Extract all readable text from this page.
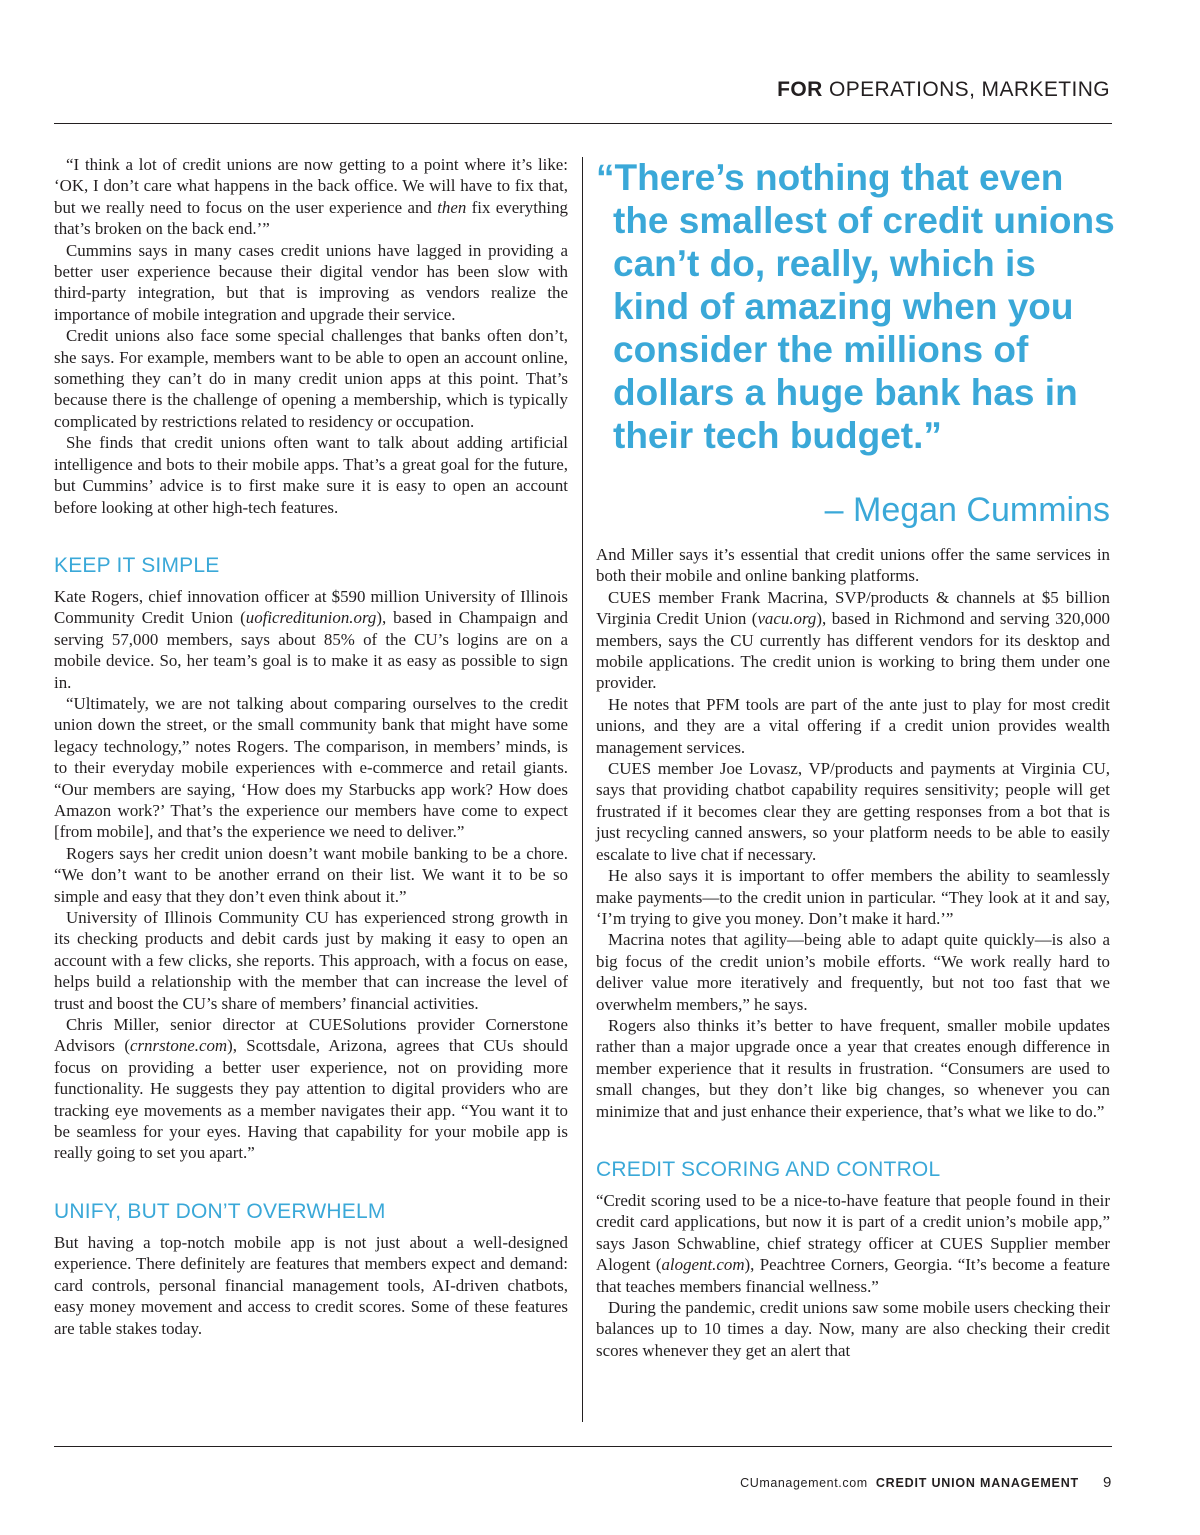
FOR OPERATIONS, MARKETING

“I think a lot of credit unions are now getting to a point where it’s like: ‘OK, I don’t care what happens in the back office. We will have to fix that, but we really need to focus on the user experience and then fix everything that’s broken on the back end.’”

Cummins says in many cases credit unions have lagged in providing a better user experience because their digital vendor has been slow with third-party integration, but that is improving as vendors realize the importance of mobile integration and upgrade their service.

Credit unions also face some special challenges that banks often don’t, she says. For example, members want to be able to open an account online, something they can’t do in many credit union apps at this point. That’s because there is the challenge of opening a membership, which is typically complicated by restrictions related to residency or occupation.

She finds that credit unions often want to talk about adding artificial intelligence and bots to their mobile apps. That’s a great goal for the future, but Cummins’ advice is to first make sure it is easy to open an account before looking at other high-tech features.

KEEP IT SIMPLE

Kate Rogers, chief innovation officer at $590 million University of Illinois Community Credit Union (uoficreditunion.org), based in Champaign and serving 57,000 members, says about 85% of the CU’s logins are on a mobile device. So, her team’s goal is to make it as easy as possible to sign in.

“Ultimately, we are not talking about comparing ourselves to the credit union down the street, or the small community bank that might have some legacy technology,” notes Rogers. The comparison, in members’ minds, is to their everyday mobile experiences with e-commerce and retail giants. “Our members are saying, ‘How does my Starbucks app work? How does Amazon work?’ That’s the experience our members have come to expect [from mobile], and that’s the experience we need to deliver.”

Rogers says her credit union doesn’t want mobile banking to be a chore. “We don’t want to be another errand on their list. We want it to be so simple and easy that they don’t even think about it.”

University of Illinois Community CU has experienced strong growth in its checking products and debit cards just by making it easy to open an account with a few clicks, she reports. This approach, with a focus on ease, helps build a relationship with the member that can increase the level of trust and boost the CU’s share of members’ financial activities.

Chris Miller, senior director at CUESolutions provider Cornerstone Advisors (crnrstone.com), Scottsdale, Arizona, agrees that CUs should focus on providing a better user experience, not on providing more functionality. He suggests they pay attention to digital providers who are tracking eye movements as a member navigates their app. “You want it to be seamless for your eyes. Having that capability for your mobile app is really going to set you apart.”

UNIFY, BUT DON’T OVERWHELM

But having a top-notch mobile app is not just about a well-designed experience. There definitely are features that members expect and demand: card controls, personal financial management tools, AI-driven chatbots, easy money movement and access to credit scores. Some of these features are table stakes today.

“There’s nothing that even the smallest of credit unions can’t do, really, which is kind of amazing when you consider the millions of dollars a huge bank has in their tech budget.”
– Megan Cummins

And Miller says it’s essential that credit unions offer the same services in both their mobile and online banking platforms.

CUES member Frank Macrina, SVP/products & channels at $5 billion Virginia Credit Union (vacu.org), based in Richmond and serving 320,000 members, says the CU currently has different vendors for its desktop and mobile applications. The credit union is working to bring them under one provider.

He notes that PFM tools are part of the ante just to play for most credit unions, and they are a vital offering if a credit union provides wealth management services.

CUES member Joe Lovasz, VP/products and payments at Virginia CU, says that providing chatbot capability requires sensitivity; people will get frustrated if it becomes clear they are getting responses from a bot that is just recycling canned answers, so your platform needs to be able to easily escalate to live chat if necessary.

He also says it is important to offer members the ability to seamlessly make payments—to the credit union in particular. “They look at it and say, ‘I’m trying to give you money. Don’t make it hard.’”

Macrina notes that agility—being able to adapt quite quickly—is also a big focus of the credit union’s mobile efforts. “We work really hard to deliver value more iteratively and frequently, but not too fast that we overwhelm members,” he says.

Rogers also thinks it’s better to have frequent, smaller mobile updates rather than a major upgrade once a year that creates enough difference in member experience that it results in frustration. “Consumers are used to small changes, but they don’t like big changes, so whenever you can minimize that and just enhance their experience, that’s what we like to do.”

CREDIT SCORING AND CONTROL

“Credit scoring used to be a nice-to-have feature that people found in their credit card applications, but now it is part of a credit union’s mobile app,” says Jason Schwabline, chief strategy officer at CUES Supplier member Alogent (alogent.com), Peachtree Corners, Georgia. “It’s become a feature that teaches members financial wellness.”

During the pandemic, credit unions saw some mobile users checking their balances up to 10 times a day. Now, many are also checking their credit scores whenever they get an alert that

CUmanagement.com CREDIT UNION MANAGEMENT 9
